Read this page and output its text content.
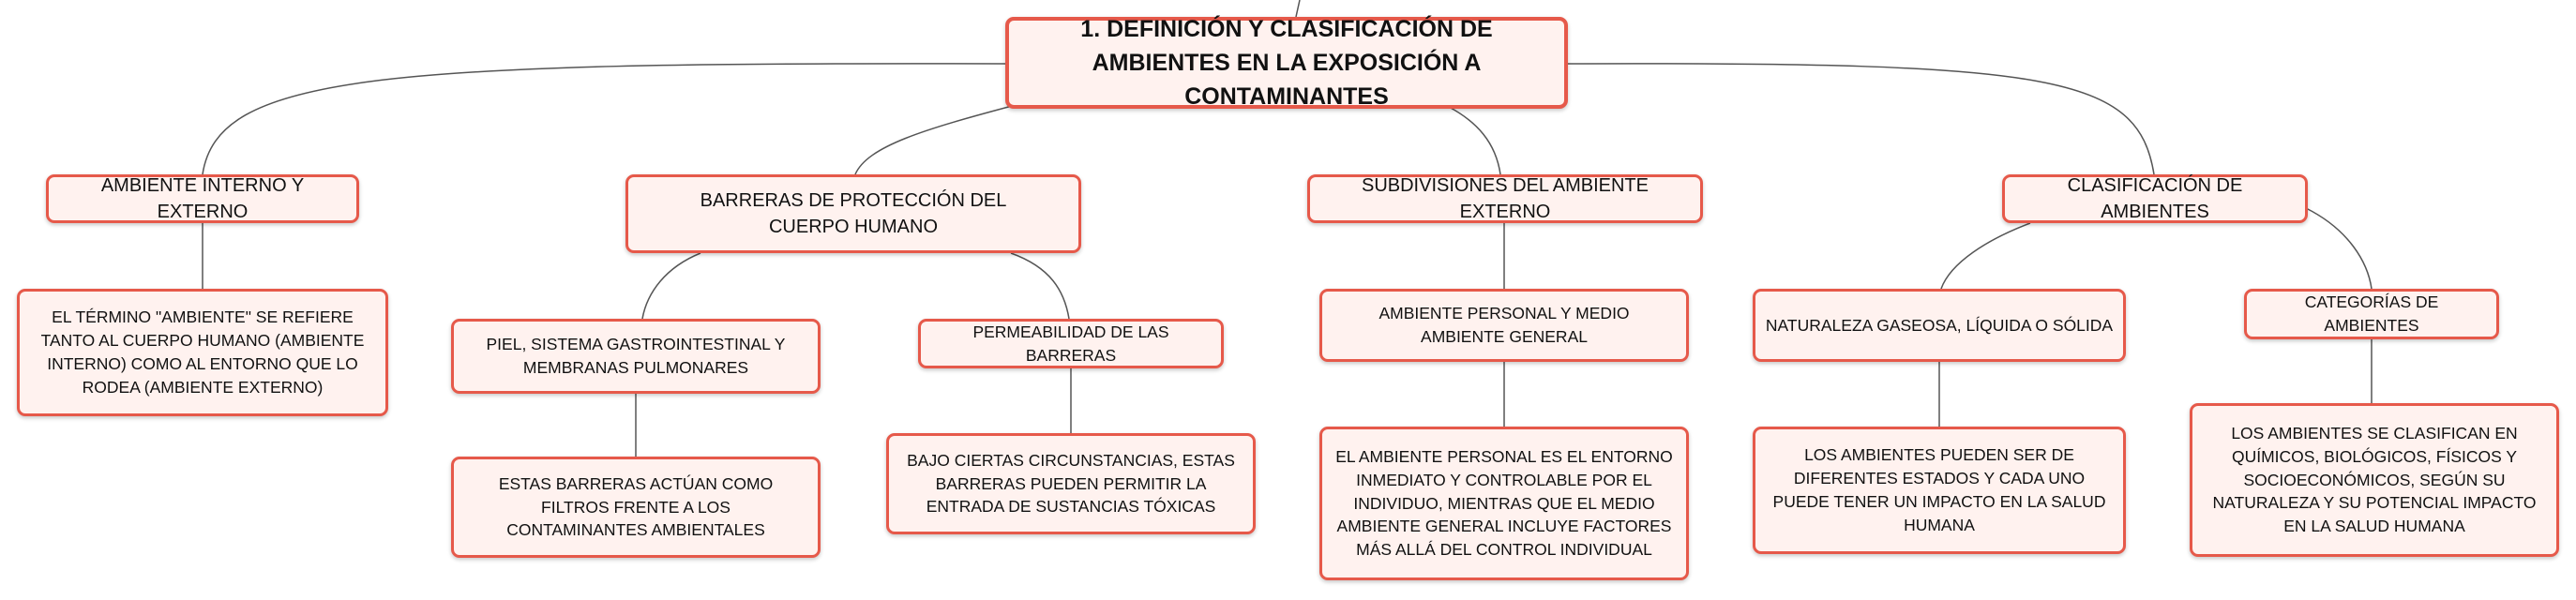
1. DEFINICIÓN Y CLASIFICACIÓN DE AMBIENTES EN LA EXPOSICIÓN A CONTAMINANTES
AMBIENTE INTERNO Y EXTERNO
BARRERAS DE PROTECCIÓN DEL CUERPO HUMANO
SUBDIVISIONES DEL AMBIENTE EXTERNO
CLASIFICACIÓN DE AMBIENTES
PIEL, SISTEMA GASTROINTESTINAL Y MEMBRANAS PULMONARES
PERMEABILIDAD DE LAS BARRERAS
AMBIENTE PERSONAL Y MEDIO AMBIENTE GENERAL
NATURALEZA GASEOSA, LÍQUIDA O SÓLIDA
CATEGORÍAS DE AMBIENTES
EL TÉRMINO "AMBIENTE" SE REFIERE TANTO AL CUERPO HUMANO (AMBIENTE INTERNO) COMO AL ENTORNO QUE LO RODEA (AMBIENTE EXTERNO)
ESTAS BARRERAS ACTÚAN COMO FILTROS FRENTE A LOS CONTAMINANTES AMBIENTALES
BAJO CIERTAS CIRCUNSTANCIAS, ESTAS BARRERAS PUEDEN PERMITIR LA ENTRADA DE SUSTANCIAS TÓXICAS
EL AMBIENTE PERSONAL ES EL ENTORNO INMEDIATO Y CONTROLABLE POR EL INDIVIDUO, MIENTRAS QUE EL MEDIO AMBIENTE GENERAL INCLUYE FACTORES MÁS ALLÁ DEL CONTROL INDIVIDUAL
LOS AMBIENTES PUEDEN SER DE DIFERENTES ESTADOS Y CADA UNO PUEDE TENER UN IMPACTO EN LA SALUD HUMANA
LOS AMBIENTES SE CLASIFICAN EN QUÍMICOS, BIOLÓGICOS, FÍSICOS Y SOCIOECONÓMICOS, SEGÚN SU NATURALEZA Y SU POTENCIAL IMPACTO EN LA SALUD HUMANA
